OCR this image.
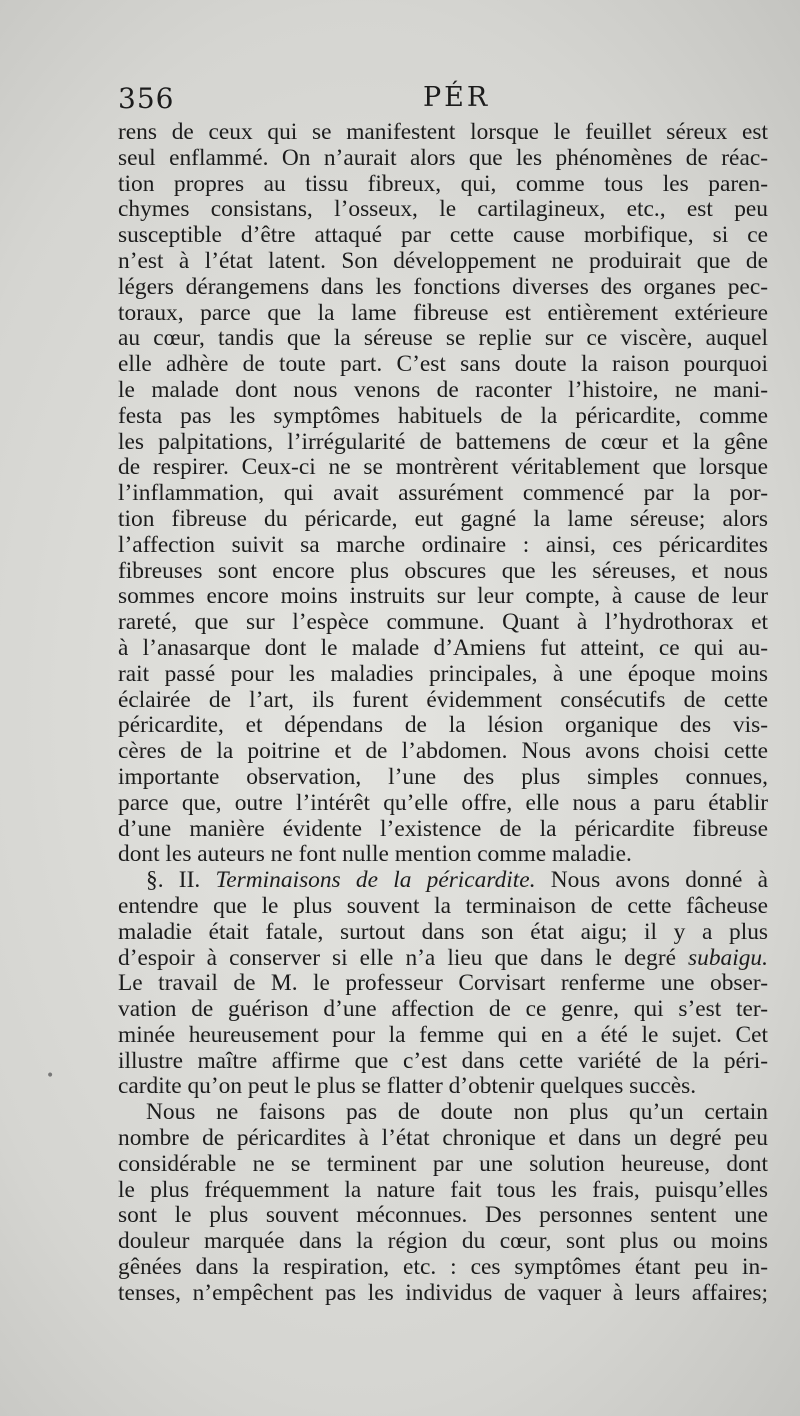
356	PÉR
rens de ceux qui se manifestent lorsque le feuillet séreux est
seul enflammé. On n’aurait alors que les phénomènes de réac-
tion propres au tissu fibreux, qui, comme tous les paren-
chymes consistans, l’osseux, le cartilagineux, etc., est peu
susceptible d’être attaqué par cette cause morbifique, si ce
n’est à l’état latent. Son développement ne produirait que de
légers dérangemens dans les fonctions diverses des organes pec-
toraux, parce que la lame fibreuse est entièrement extérieure
au cœur, tandis que la séreuse se replie sur ce viscère, auquel
elle adhère de toute part. C’est sans doute la raison pourquoi
le malade dont nous venons de raconter l’histoire, ne mani-
festa pas les symptômes habituels de la péricardite, comme
les palpitations, l’irrégularité de battemens de cœur et la gêne
de respirer. Ceux-ci ne se montrèrent véritablement que lorsque
l’inflammation, qui avait assurément commencé par la por-
tion fibreuse du péricarde, eut gagné la lame séreuse; alors
l’affection suivit sa marche ordinaire : ainsi, ces péricardites
fibreuses sont encore plus obscures que les séreuses, et nous
sommes encore moins instruits sur leur compte, à cause de leur
rareté, que sur l’espèce commune. Quant à l’hydrothorax et
à l’anasarque dont le malade d’Amiens fut atteint, ce qui au-
rait passé pour les maladies principales, à une époque moins
éclairée de l’art, ils furent évidemment consécutifs de cette
péricardite, et dépendans de la lésion organique des vis-
cères de la poitrine et de l’abdomen. Nous avons choisi cette
importante observation, l’une des plus simples connues,
parce que, outre l’intérêt qu’elle offre, elle nous a paru établir
d’une manière évidente l’existence de la péricardite fibreuse
dont les auteurs ne font nulle mention comme maladie.
§. II. Terminaisons de la péricardite. Nous avons donné à
entendre que le plus souvent la terminaison de cette fâcheuse
maladie était fatale, surtout dans son état aigu; il y a plus
d’espoir à conserver si elle n’a lieu que dans le degré subaigu.
Le travail de M. le professeur Corvisart renferme une obser-
vation de guérison d’une affection de ce genre, qui s’est ter-
minée heureusement pour la femme qui en a été le sujet. Cet
illustre maître affirme que c’est dans cette variété de la péri-
cardite qu’on peut le plus se flatter d’obtenir quelques succès.
Nous ne faisons pas de doute non plus qu’un certain
nombre de péricardites à l’état chronique et dans un degré peu
considérable ne se terminent par une solution heureuse, dont
le plus fréquemment la nature fait tous les frais, puisqu’elles
sont le plus souvent méconnues. Des personnes sentent une
douleur marquée dans la région du cœur, sont plus ou moins
gênées dans la respiration, etc. : ces symptômes étant peu in-
tenses, n’empêchent pas les individus de vaquer à leurs affaires;
•
